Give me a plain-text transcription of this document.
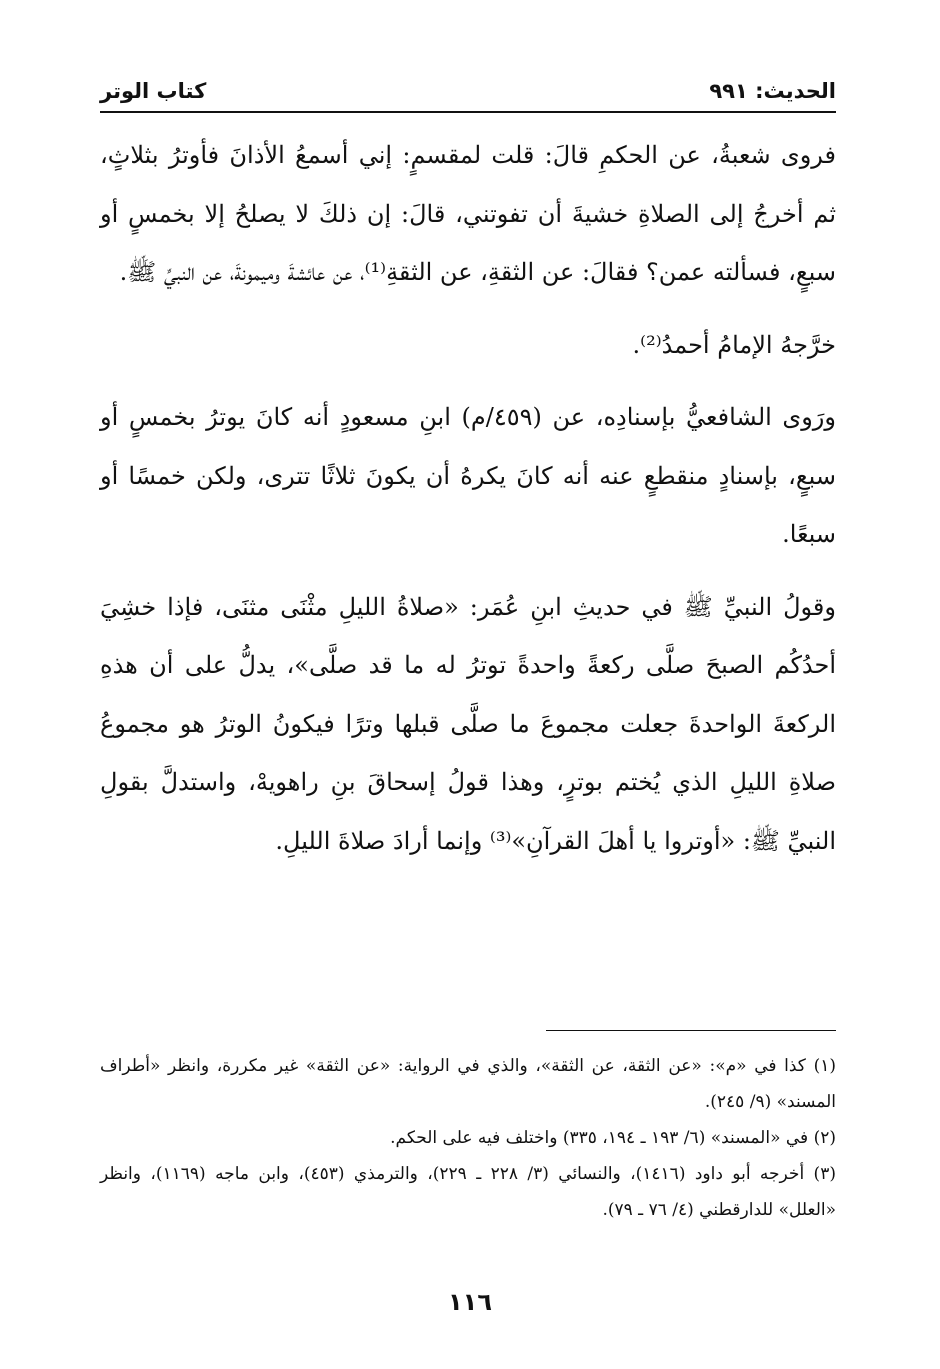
الحديث: ٩٩١
كتاب الوتر

فروى شعبةُ، عن الحكمِ قالَ: قلت لمقسمٍ: إني أسمعُ الأذانَ فأوترُ بثلاثٍ، ثم أخرجُ إلى الصلاةِ خشيةَ أن تفوتني، قالَ: إن ذلكَ لا يصلحُ إلا بخمسٍ أو سبعٍ، فسألته عمن؟ فقالَ: عن الثقةِ، عن الثقةِ⁽¹⁾، عن عائشةَ وميمونةَ، عن النبيِّ ﷺ.

خرَّجهُ الإمامُ أحمدُ⁽²⁾.

ورَوى الشافعيُّ بإسنادِه، عن (٤٥٩/م) ابنِ مسعودٍ أنه كانَ يوترُ بخمسٍ أو سبعٍ، بإسنادٍ منقطعٍ عنه أنه كانَ يكرهُ أن يكونَ ثلاثًا تترى، ولكن خمسًا أو سبعًا.

وقولُ النبيِّ ﷺ في حديثِ ابنِ عُمَر: «صلاةُ الليلِ مثْنَى مثنَى، فإذا خشِيَ أحدُكُم الصبحَ صلَّى ركعةً واحدةً توترُ له ما قد صلَّى»، يدلُّ على أن هذهِ الركعةَ الواحدةَ جعلت مجموعَ ما صلَّى قبلها وترًا فيكونُ الوترُ هو مجموعُ صلاةِ الليلِ الذي يُختم بوترٍ، وهذا قولُ إسحاقَ بنِ راهويهْ، واستدلَّ بقولِ النبيِّ ﷺ: «أوتروا يا أهلَ القرآنِ»⁽³⁾ وإنما أرادَ صلاةَ الليلِ.

(١) كذا في «م»: «عن الثقة، عن الثقة»، والذي في الرواية: «عن الثقة» غير مكررة، وانظر «أطراف المسند» (٩/ ٢٤٥).

(٢) في «المسند» (٦/ ١٩٣ ـ ١٩٤، ٣٣٥) واختلف فيه على الحكم.

(٣) أخرجه أبو داود (١٤١٦)، والنسائي (٣/ ٢٢٨ ـ ٢٢٩)، والترمذي (٤٥٣)، وابن ماجه (١١٦٩)، وانظر «العلل» للدارقطني (٤/ ٧٦ ـ ٧٩).

١١٦
